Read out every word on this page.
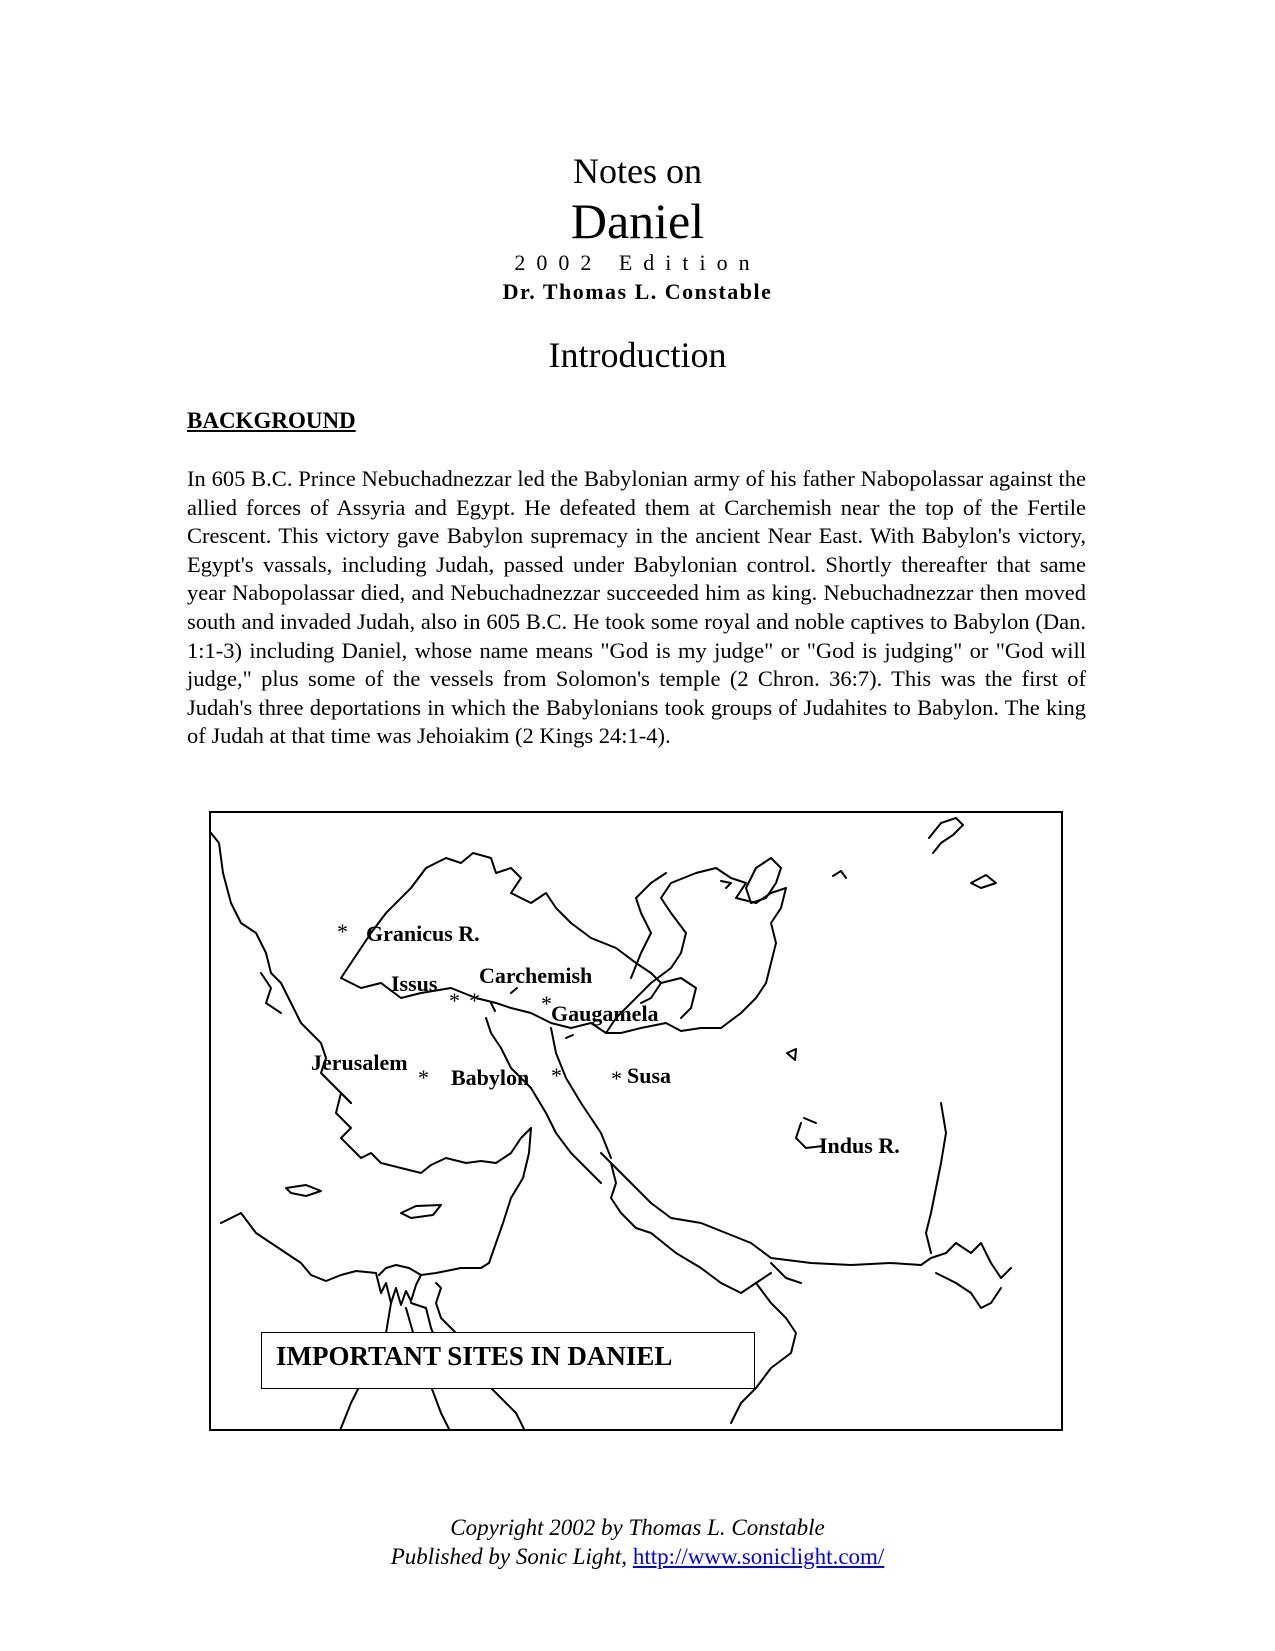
Notes on
Daniel
2002 Edition
Dr. Thomas L. Constable
Introduction
BACKGROUND
In 605 B.C. Prince Nebuchadnezzar led the Babylonian army of his father Nabopolassar against the allied forces of Assyria and Egypt. He defeated them at Carchemish near the top of the Fertile Crescent. This victory gave Babylon supremacy in the ancient Near East. With Babylon's victory, Egypt's vassals, including Judah, passed under Babylonian control. Shortly thereafter that same year Nabopolassar died, and Nebuchadnezzar succeeded him as king. Nebuchadnezzar then moved south and invaded Judah, also in 605 B.C. He took some royal and noble captives to Babylon (Dan. 1:1-3) including Daniel, whose name means "God is my judge" or "God is judging" or "God will judge," plus some of the vessels from Solomon's temple (2 Chron. 36:7). This was the first of Judah's three deportations in which the Babylonians took groups of Judahites to Babylon. The king of Judah at that time was Jehoiakim (2 Kings 24:1-4).
* Granicus R.
Issus
*
Carchemish
*	* Gaugamela
Jerusalem
* Babylon * * Susa
Indus R.
IMPORTANT SITES IN DANIEL
Copyright 2002 by Thomas L. Constable
Published by Sonic Light, http://www.soniclight.com/
